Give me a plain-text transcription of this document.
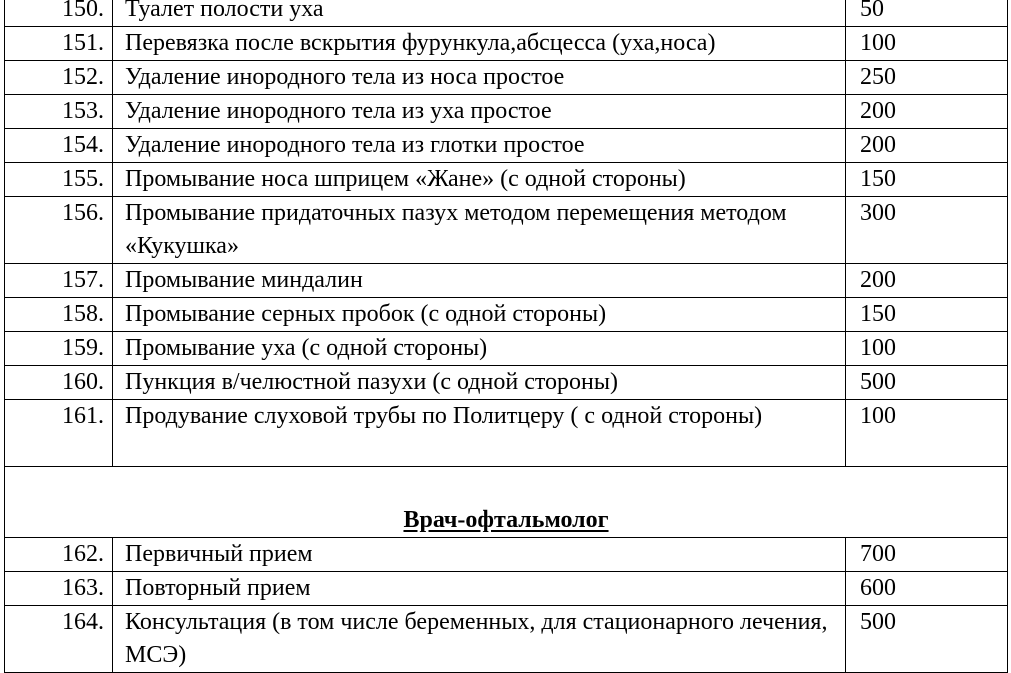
150.	Туалет полости уха	50
151.	Перевязка после вскрытия фурункула,абсцесса (уха,носа)	100
152.	Удаление инородного тела из носа простое	250
153.	Удаление инородного тела из уха простое	200
154.	Удаление инородного тела из глотки простое	200
155.	Промывание носа шприцем «Жане» (с одной стороны)	150
156.	Промывание придаточных пазух методом перемещения методом «Кукушка»	300
157.	Промывание миндалин	200
158.	Промывание серных пробок (с одной стороны)	150
159.	Промывание уха (с одной стороны)	100
160.	Пункция в/челюстной пазухи (с одной стороны)	500
161.	Продувание слуховой трубы по Политцеру ( с одной стороны)	100
Врач-офтальмолог		
162.	Первичный прием	700
163.	Повторный прием	600
164.	Консультация (в том числе беременных, для стационарного лечения, МСЭ)	500
